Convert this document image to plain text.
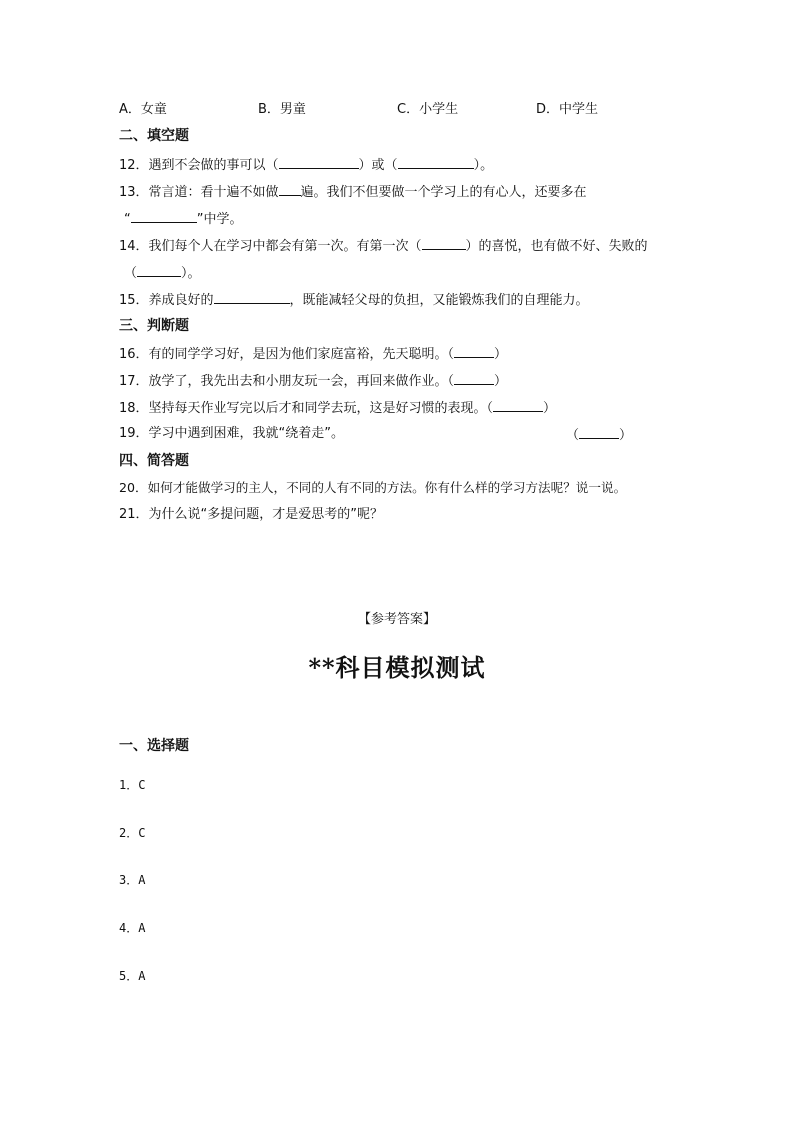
A．女童	B．男童	C．小学生	D．中学生
二、填空题
12．遇到不会做的事可以（	）或（	）。
13．常言道：看十遍不如做 遍。我们不但要做一个学习上的有心人，还要多在
“	”中学。
14．我们每个人在学习中都会有第一次。有第一次（	）的喜悦，也有做不好、失败的
（	）。
15．养成良好的	，既能减轻父母的负担，又能锻炼我们的自理能力。
三、判断题
16．有的同学学习好，是因为他们家庭富裕，先天聪明。（	）
17．放学了，我先出去和小朋友玩一会，再回来做作业。（	）
18．坚持每天作业写完以后才和同学去玩，这是好习惯的表现。（	）
19．学习中遇到困难，我就“绕着走”。	（	）
四、简答题
20．如何才能做学习的主人，不同的人有不同的方法。你有什么样的学习方法呢？说一说。
21．为什么说“多提问题，才是爱思考的”呢？
【参考答案】
**科目模拟测试
一、选择题
1．C
2．C
3．A
4．A
5．A
